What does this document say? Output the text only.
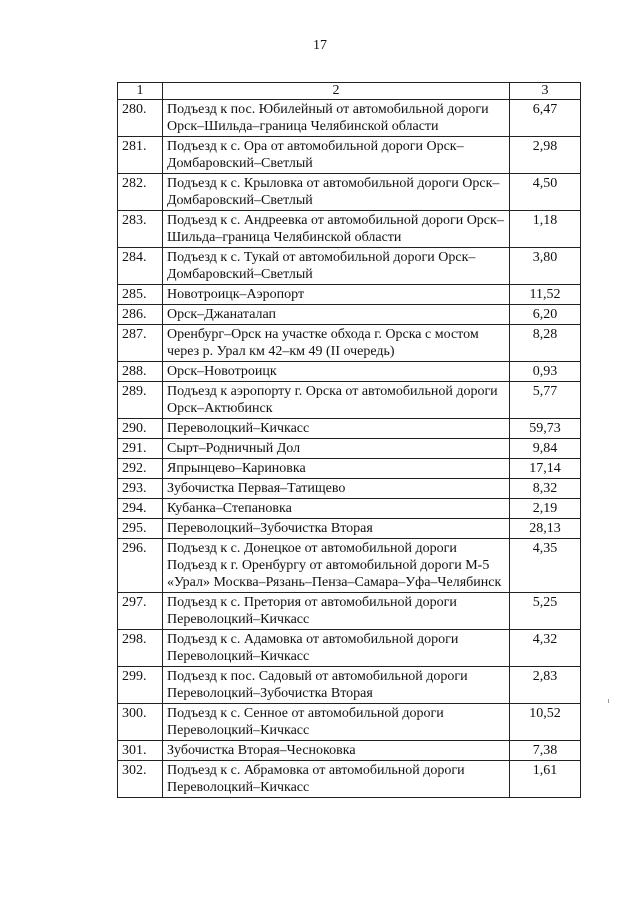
17
1	2	3
280.	Подъезд к пос. Юбилейный от автомобильной дороги Орск–Шильда–граница Челябинской области	6,47
281.	Подъезд к с. Ора от автомобильной дороги Орск–Домбаровский–Светлый	2,98
282.	Подъезд к с. Крыловка от автомобильной дороги Орск–Домбаровский–Светлый	4,50
283.	Подъезд к с. Андреевка от автомобильной дороги Орск–Шильда–граница Челябинской области	1,18
284.	Подъезд к с. Тукай от автомобильной дороги Орск–Домбаровский–Светлый	3,80
285.	Новотроицк–Аэропорт	11,52
286.	Орск–Джанаталап	6,20
287.	Оренбург–Орск на участке обхода г. Орска с мостом через р. Урал км 42–км 49 (II очередь)	8,28
288.	Орск–Новотроицк	0,93
289.	Подъезд к аэропорту г. Орска от автомобильной дороги Орск–Актюбинск	5,77
290.	Переволоцкий–Кичкасс	59,73
291.	Сырт–Родничный Дол	9,84
292.	Япрынцево–Кариновка	17,14
293.	Зубочистка Первая–Татищево	8,32
294.	Кубанка–Степановка	2,19
295.	Переволоцкий–Зубочистка Вторая	28,13
296.	Подъезд к с. Донецкое от автомобильной дороги Подъезд к г. Оренбургу от автомобильной дороги М-5 «Урал» Москва–Рязань–Пенза–Самара–Уфа–Челябинск	4,35
297.	Подъезд к с. Претория от автомобильной дороги Переволоцкий–Кичкасс	5,25
298.	Подъезд к с. Адамовка от автомобильной дороги Переволоцкий–Кичкасс	4,32
299.	Подъезд к пос. Садовый от автомобильной дороги Переволоцкий–Зубочистка Вторая	2,83
300.	Подъезд к с. Сенное от автомобильной дороги Переволоцкий–Кичкасс	10,52
301.	Зубочистка Вторая–Чесноковка	7,38
302.	Подъезд к с. Абрамовка от автомобильной дороги Переволоцкий–Кичкасс	1,61
